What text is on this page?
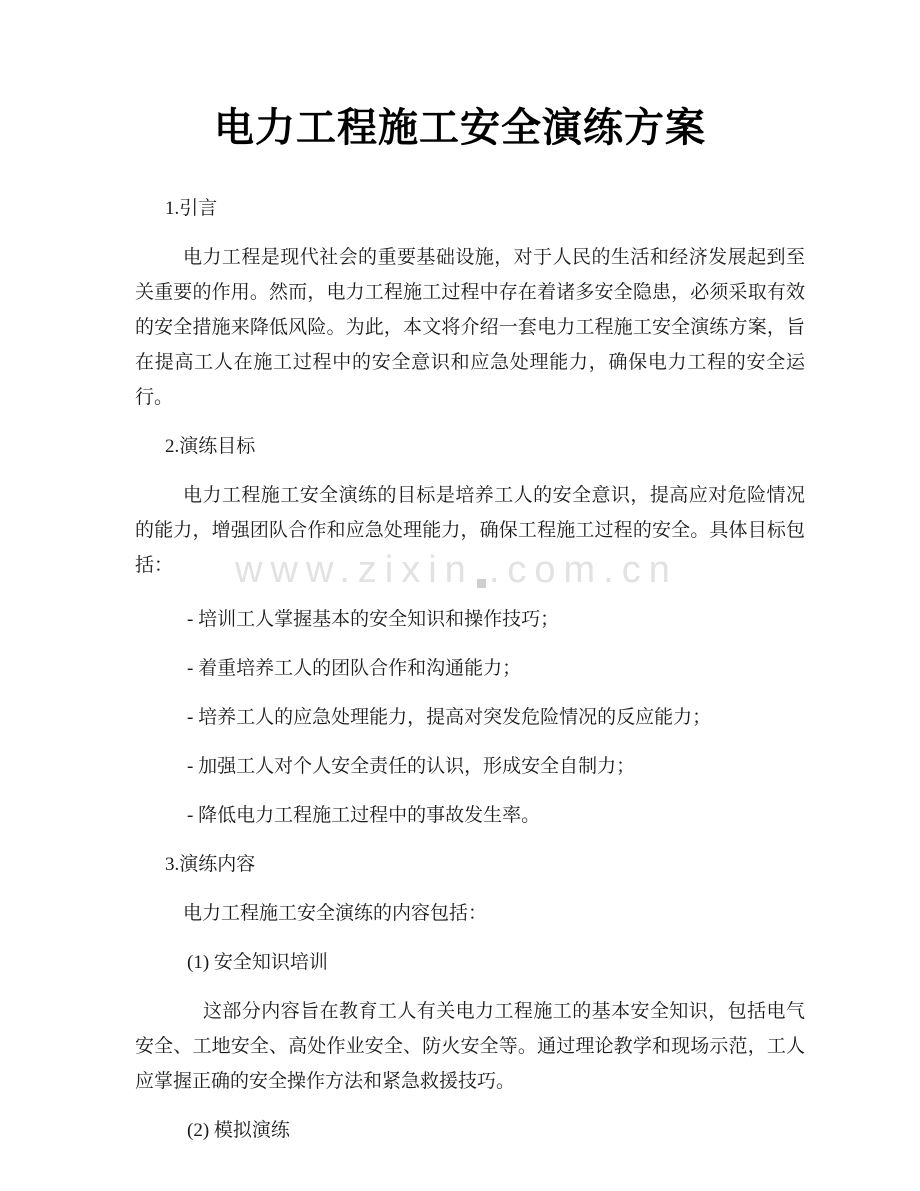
电力工程施工安全演练方案
1.引言
电力工程是现代社会的重要基础设施，对于人民的生活和经济发展起到至关重要的作用。然而，电力工程施工过程中存在着诸多安全隐患，必须采取有效的安全措施来降低风险。为此，本文将介绍一套电力工程施工安全演练方案，旨在提高工人在施工过程中的安全意识和应急处理能力，确保电力工程的安全运行。
2.演练目标
电力工程施工安全演练的目标是培养工人的安全意识，提高应对危险情况的能力，增强团队合作和应急处理能力，确保工程施工过程的安全。具体目标包括：
- 培训工人掌握基本的安全知识和操作技巧；
- 着重培养工人的团队合作和沟通能力；
- 培养工人的应急处理能力，提高对突发危险情况的反应能力；
- 加强工人对个人安全责任的认识，形成安全自制力；
- 降低电力工程施工过程中的事故发生率。
3.演练内容
电力工程施工安全演练的内容包括：
(1) 安全知识培训
这部分内容旨在教育工人有关电力工程施工的基本安全知识，包括电气安全、工地安全、高处作业安全、防火安全等。通过理论教学和现场示范，工人应掌握正确的安全操作方法和紧急救援技巧。
(2) 模拟演练
www.zixin .com.cn
